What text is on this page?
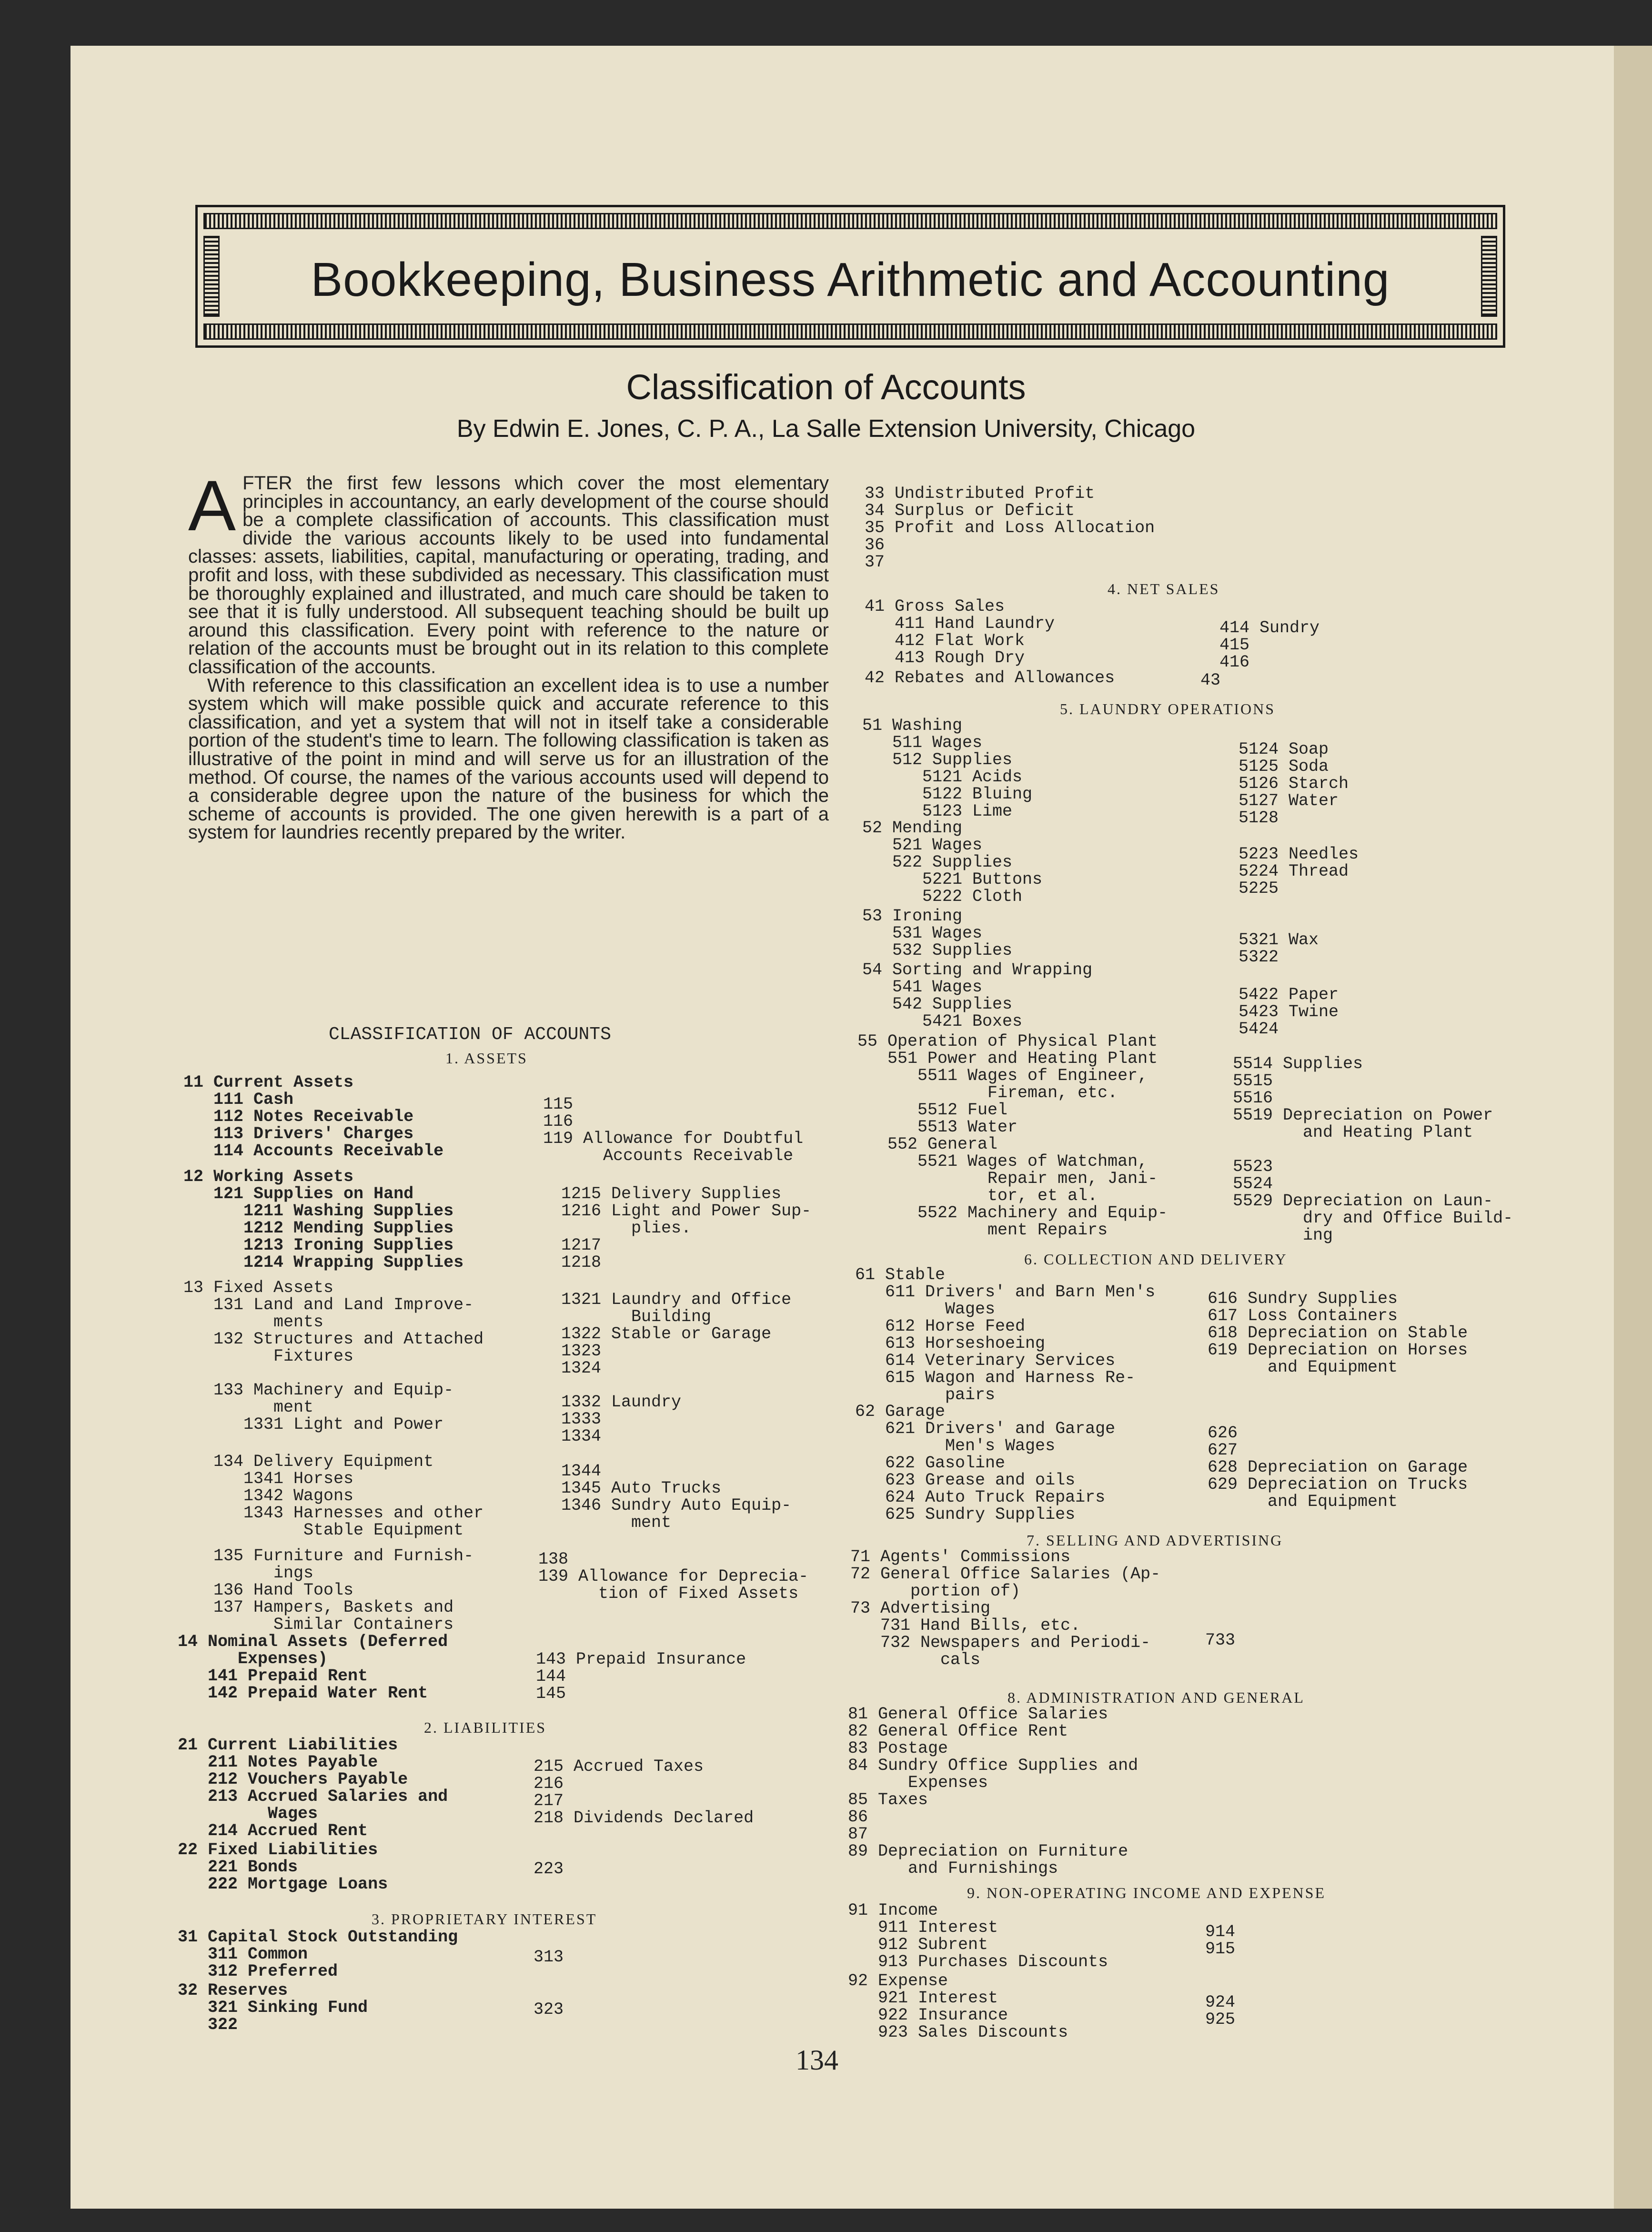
Bookkeeping, Business Arithmetic and Accounting
Classification of Accounts
By Edwin E. Jones, C. P. A., La Salle Extension University, Chicago

AFTER the first few lessons which cover the most elementary principles in accountancy, an early development of the course should be a complete classification of accounts. This classification must divide the various accounts likely to be used into fundamental classes: assets, liabilities, capital, manufacturing or operating, trading, and profit and loss, with these subdivided as necessary. This classification must be thoroughly explained and illustrated, and much care should be taken to see that it is fully understood. All subsequent teaching should be built up around this classification. Every point with reference to the nature or relation of the accounts must be brought out in its relation to this complete classification of the accounts.

With reference to this classification an excellent idea is to use a number system which will make possible quick and accurate reference to this classification, and yet a system that will not in itself take a considerable portion of the student's time to learn. The following classification is taken as illustrative of the point in mind and will serve us for an illustration of the method. Of course, the names of the various accounts used will depend to a considerable degree upon the nature of the business for which the scheme of accounts is provided. The one given herewith is a part of a system for laundries recently prepared by the writer.

CLASSIFICATION OF ACCOUNTS
1. ASSETS
11 Current Assets
111 Cash
112 Notes Receivable
113 Drivers' Charges
114 Accounts Receivable
115
116
119 Allowance for Doubtful
Accounts Receivable
12 Working Assets
121 Supplies on Hand
1211 Washing Supplies
1212 Mending Supplies
1213 Ironing Supplies
1214 Wrapping Supplies
1215 Delivery Supplies
1216 Light and Power Sup-
plies.
1217
1218
13 Fixed Assets
131 Land and Land Improve-
ments
132 Structures and Attached
Fixtures
1321 Laundry and Office
Building
1322 Stable or Garage
1323
1324
133 Machinery and Equip-
ment
1331 Light and Power
1332 Laundry
1333
1334
134 Delivery Equipment
1341 Horses
1342 Wagons
1343 Harnesses and other
Stable Equipment
1344
1345 Auto Trucks
1346 Sundry Auto Equip-
ment
135 Furniture and Furnish-
ings
136 Hand Tools
137 Hampers, Baskets and
Similar Containers
138
139 Allowance for Deprecia-
tion of Fixed Assets
14 Nominal Assets (Deferred
Expenses)
141 Prepaid Rent
142 Prepaid Water Rent
143 Prepaid Insurance
144
145
2. LIABILITIES
21 Current Liabilities
211 Notes Payable
212 Vouchers Payable
213 Accrued Salaries and
Wages
214 Accrued Rent
215 Accrued Taxes
216
217
218 Dividends Declared
22 Fixed Liabilities
221 Bonds
222 Mortgage Loans
223
3. PROPRIETARY INTEREST
31 Capital Stock Outstanding
311 Common
312 Preferred
313
32 Reserves
321 Sinking Fund
322
323
33 Undistributed Profit
34 Surplus or Deficit
35 Profit and Loss Allocation
36
37
4. NET SALES
41 Gross Sales
411 Hand Laundry
412 Flat Work
413 Rough Dry
414 Sundry
415
416
42 Rebates and Allowances	43
5. LAUNDRY OPERATIONS
51 Washing
511 Wages
512 Supplies
5121 Acids
5122 Bluing
5123 Lime
5124 Soap
5125 Soda
5126 Starch
5127 Water
5128
52 Mending
521 Wages
522 Supplies
5221 Buttons
5222 Cloth
5223 Needles
5224 Thread
5225
53 Ironing
531 Wages
532 Supplies
5321 Wax
5322
54 Sorting and Wrapping
541 Wages
542 Supplies
5421 Boxes
5422 Paper
5423 Twine
5424
55 Operation of Physical Plant
551 Power and Heating Plant
5511 Wages of Engineer,
Fireman, etc.
5512 Fuel
5513 Water
552 General
5521 Wages of Watchman,
Repair men, Jani-
tor, et al.
5522 Machinery and Equip-
ment Repairs
5514 Supplies
5515
5516
5519 Depreciation on Power
and Heating Plant

5523
5524
5529 Depreciation on Laun-
dry and Office Build-
ing
6. COLLECTION AND DELIVERY
61 Stable
611 Drivers' and Barn Men's
Wages
612 Horse Feed
613 Horseshoeing
614 Veterinary Services
615 Wagon and Harness Re-
pairs
616 Sundry Supplies
617 Loss Containers
618 Depreciation on Stable
619 Depreciation on Horses
and Equipment
62 Garage
621 Drivers' and Garage
Men's Wages
622 Gasoline
623 Grease and oils
624 Auto Truck Repairs
625 Sundry Supplies
626
627
628 Depreciation on Garage
629 Depreciation on Trucks
and Equipment
7. SELLING AND ADVERTISING
71 Agents' Commissions
72 General Office Salaries (Ap-
portion of)
73 Advertising
731 Hand Bills, etc.
732 Newspapers and Periodi-
cals
733
8. ADMINISTRATION AND GENERAL
81 General Office Salaries
82 General Office Rent
83 Postage
84 Sundry Office Supplies and
Expenses
85 Taxes
86
87
89 Depreciation on Furniture
and Furnishings
9. NON-OPERATING INCOME AND EXPENSE
91 Income
911 Interest
912 Subrent
913 Purchases Discounts
914
915
92 Expense
921 Interest
922 Insurance
923 Sales Discounts
924
925
134
